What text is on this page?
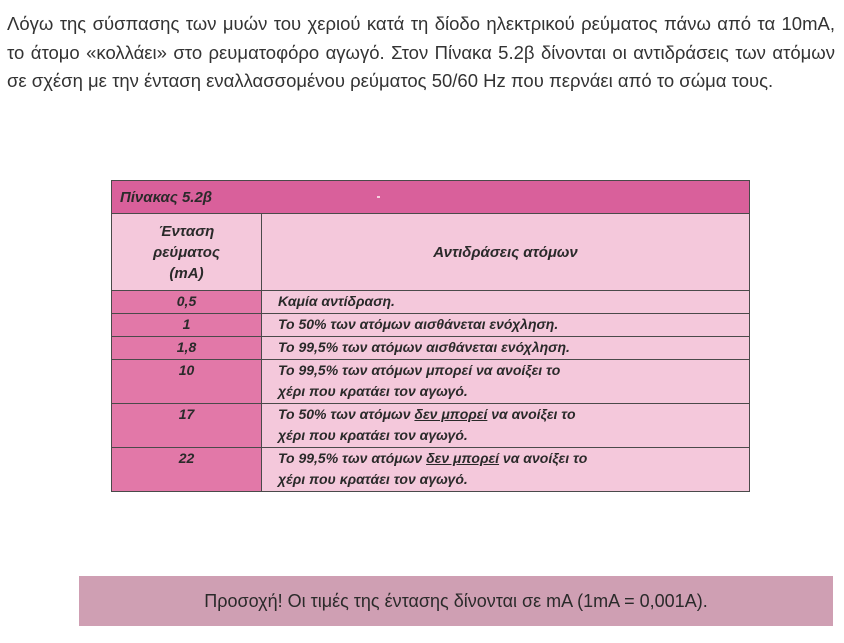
Λόγω της σύσπασης των μυών του χεριού κατά τη δίοδο ηλεκτρικού ρεύματος πάνω από τα 10mA, το άτομο «κολλάει» στο ρευματοφόρο αγωγό. Στον Πίνακα 5.2β δίνονται οι αντιδράσεις των ατόμων σε σχέση με την ένταση εναλλασσομένου ρεύματος 50/60 Hz που περνάει από το σώμα τους.

Πίνακας 5.2β	
Ένταση
ρεύματος
(mA)	Αντιδράσεις ατόμων
0,5	Καμία αντίδραση.
1	Το 50% των ατόμων αισθάνεται ενόχληση.
1,8	Το 99,5% των ατόμων αισθάνεται ενόχληση.
10	Το 99,5% των ατόμων μπορεί να ανοίξει το
χέρι που κρατάει τον αγωγό.
17	Το 50% των ατόμων δεν μπορεί να ανοίξει το
χέρι που κρατάει τον αγωγό.
22	Το 99,5% των ατόμων δεν μπορεί να ανοίξει το
χέρι που κρατάει τον αγωγό.
Προσοχή! Οι τιμές της έντασης δίνονται σε mA (1mA = 0,001A).
